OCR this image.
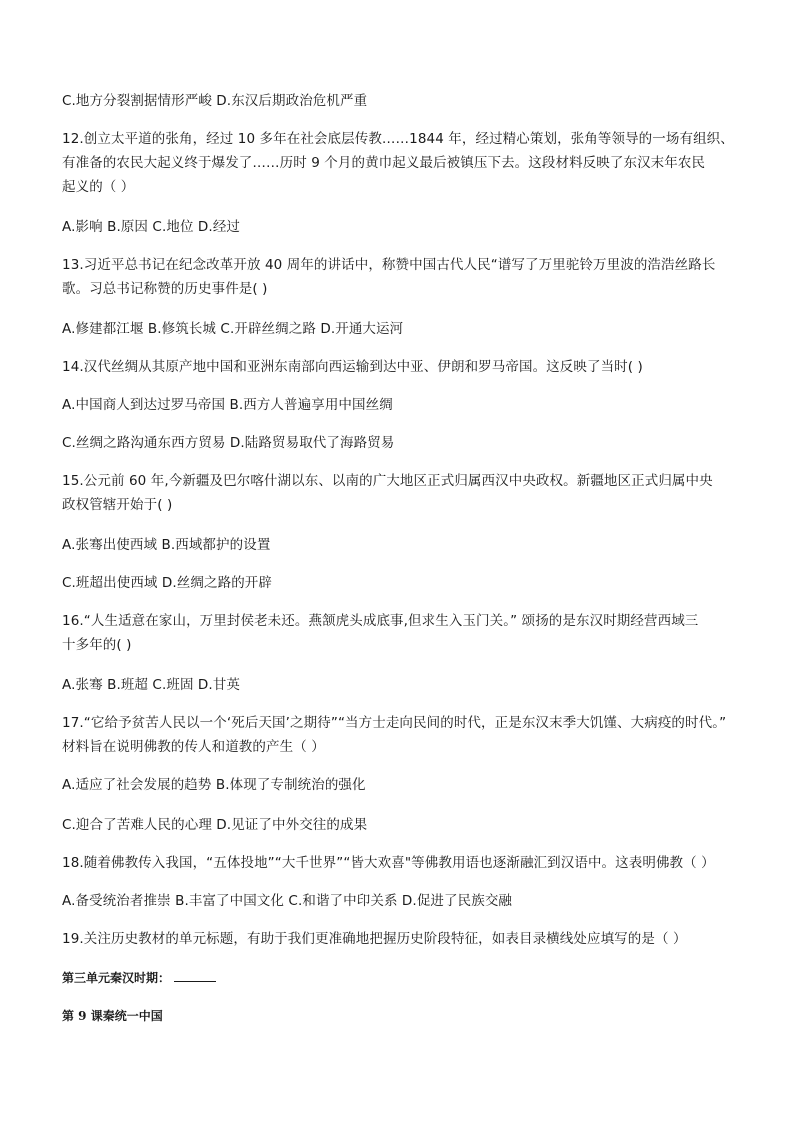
C.地方分裂割据情形严峻 D.东汉后期政治危机严重
12.创立太平道的张角，经过 10 多年在社会底层传教……1844 年，经过精心策划，张角等领导的一场有组织、
有准备的农民大起义终于爆发了……历时 9 个月的黄巾起义最后被镇压下去。这段材料反映了东汉末年农民
起义的（ ）
A.影响 B.原因 C.地位 D.经过
13.习近平总书记在纪念改革开放 40 周年的讲话中，称赞中国古代人民“谱写了万里驼铃万里波的浩浩丝路长
歌。习总书记称赞的历史事件是( )
A.修建都江堰 B.修筑长城 C.开辟丝绸之路 D.开通大运河
14.汉代丝绸从其原产地中国和亚洲东南部向西运输到达中亚、伊朗和罗马帝国。这反映了当时( )
A.中国商人到达过罗马帝国 B.西方人普遍享用中国丝绸
C.丝绸之路沟通东西方贸易 D.陆路贸易取代了海路贸易
15.公元前 60 年,今新疆及巴尔喀什湖以东、以南的广大地区正式归属西汉中央政权。新疆地区正式归属中央
政权管辖开始于( )
A.张骞出使西域 B.西域都护的设置
C.班超出使西域 D.丝绸之路的开辟
16.“人生适意在家山，万里封侯老未还。燕颔虎头成底事,但求生入玉门关。” 颂扬的是东汉时期经营西域三
十多年的( )
A.张骞 B.班超 C.班固 D.甘英
17.“它给予贫苦人民以一个‘死后天国’之期待”“当方士走向民间的时代，正是东汉末季大饥馑、大病疫的时代。”
材料旨在说明佛教的传人和道教的产生（ ）
A.适应了社会发展的趋势 B.体现了专制统治的强化
C.迎合了苦难人民的心理 D.见证了中外交往的成果
18.随着佛教传入我国，“五体投地”“大千世界”“皆大欢喜"等佛教用语也逐渐融汇到汉语中。这表明佛教（ ）
A.备受统治者推崇 B.丰富了中国文化 C.和谐了中印关系 D.促进了民族交融
19.关注历史教材的单元标题，有助于我们更准确地把握历史阶段特征，如表目录横线处应填写的是（ ）
第三单元秦汉时期：
第 9 课秦统一中国
